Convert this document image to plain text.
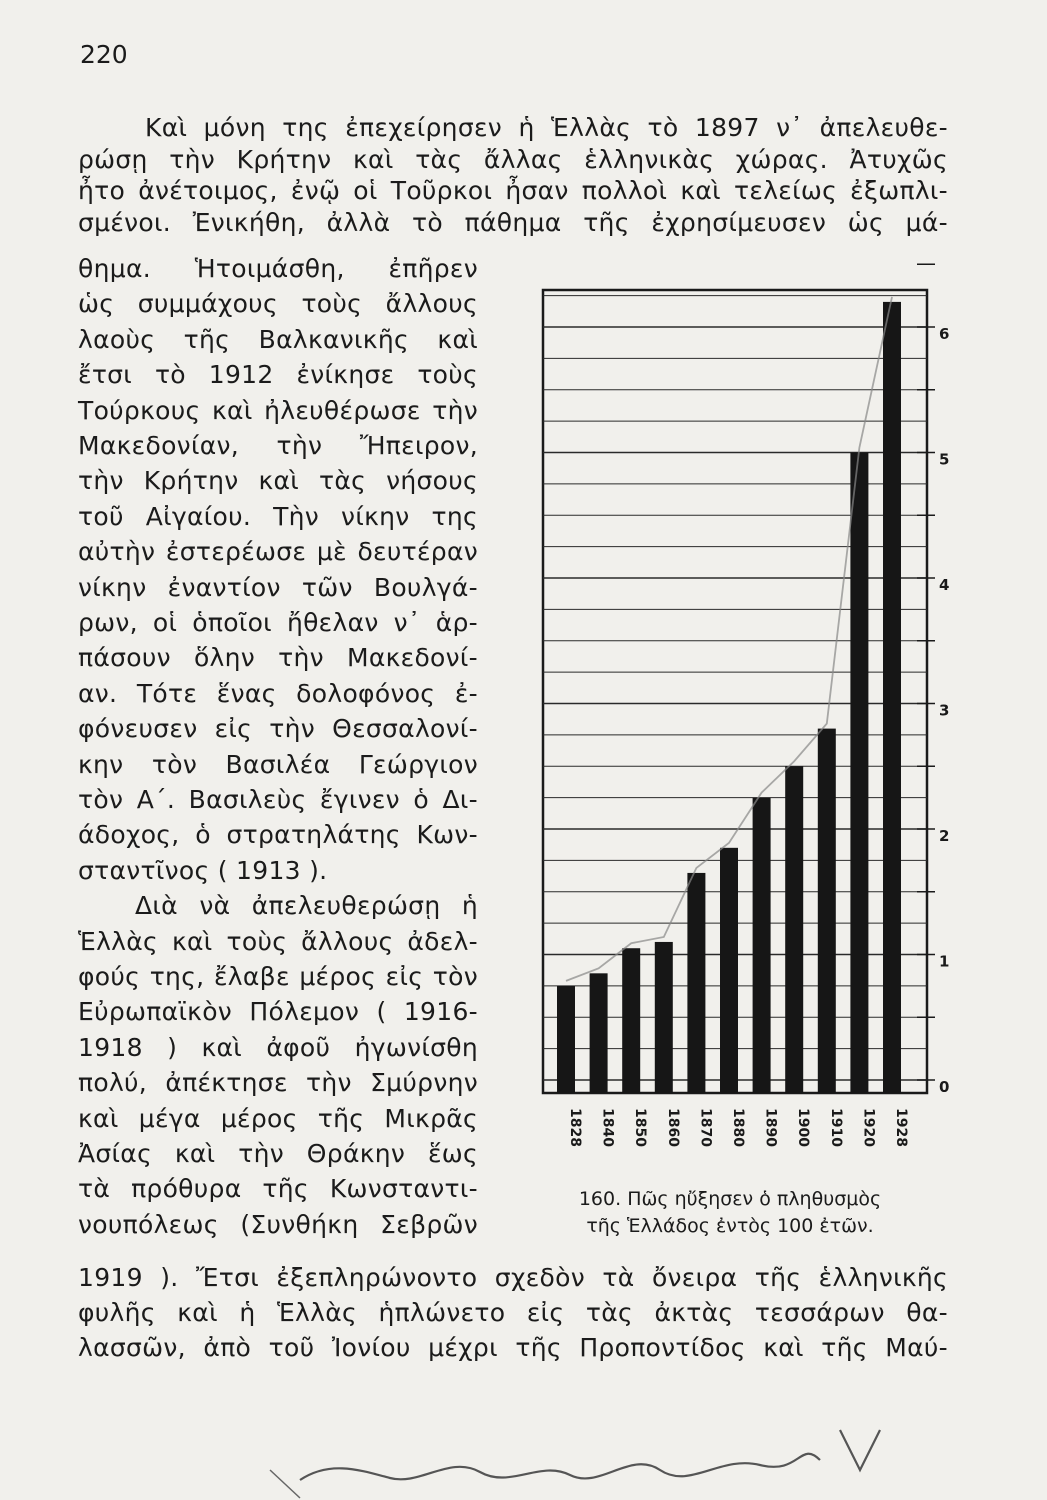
220
Καὶ μόνη της ἐπεχείρησεν ἡ Ἑλλὰς τὸ 1897 ν᾽ ἀπελευθε-
ρώσῃ τὴν Κρήτην καὶ τὰς ἄλλας ἑλληνικὰς χώρας. Ἀτυχῶς
ἦτο ἀνέτοιμος, ἐνῷ οἱ Τοῦρκοι ἦσαν πολλοὶ καὶ τελείως ἐξωπλι-
σμένοι. Ἐνικήθη, ἀλλὰ τὸ πάθημα τῆς ἐχρησίμευσεν ὡς μά-
θημα. Ἡτοιμάσθη, ἐπῆρεν
ὡς συμμάχους τοὺς ἄλλους
λαοὺς τῆς Βαλκανικῆς καὶ
ἔτσι τὸ 1912 ἐνίκησε τοὺς
Τούρκους καὶ ἠλευθέρωσε τὴν
Μακεδονίαν, τὴν Ἤπειρον,
τὴν Κρήτην καὶ τὰς νήσους
τοῦ Αἰγαίου. Τὴν νίκην της
αὐτὴν ἐστερέωσε μὲ δευτέραν
νίκην ἐναντίον τῶν Βουλγά-
ρων, οἱ ὁποῖοι ἤθελαν ν᾽ ἁρ-
πάσουν ὅλην τὴν Μακεδονί-
αν. Τότε ἕνας δολοφόνος ἐ-
φόνευσεν εἰς τὴν Θεσσαλονί-
κην τὸν Βασιλέα Γεώργιον
τὸν Α΄. Βασιλεὺς ἔγινεν ὁ Δι-
άδοχος, ὁ στρατηλάτης Κων-
σταντῖνος ( 1913 ).
Διὰ νὰ ἀπελευθερώσῃ ἡ
Ἑλλὰς καὶ τοὺς ἄλλους ἀδελ-
φούς της, ἔλαβε μέρος εἰς τὸν
Εὐρωπαϊκὸν Πόλεμον ( 1916-
1918 ) καὶ ἀφοῦ ἠγωνίσθη
πολύ, ἀπέκτησε τὴν Σμύρνην
καὶ μέγα μέρος τῆς Μικρᾶς
Ἀσίας καὶ τὴν Θράκην ἕως
τὰ πρόθυρα τῆς Κωνσταντι-
νουπόλεως (Συνθήκη Σεβρῶν
1919 ). Ἔτσι ἐξεπληρώνοντο σχεδὸν τὰ ὄνειρα τῆς ἑλληνικῆς
φυλῆς καὶ ἡ Ἑλλὰς ἡπλώνετο εἰς τὰς ἀκτὰς τεσσάρων θα-
λασσῶν, ἀπὸ τοῦ Ἰονίου μέχρι τῆς Προποντίδος καὶ τῆς Μαύ-
0
1
2
3
4
5
6
1828 1840 1850 1860 1870 1880 1890 1900 1910 1920 1928
160. Πῶς ηὔξησεν ὁ πληθυσμὸς
τῆς Ἑλλάδος ἐντὸς 100 ἐτῶν.
